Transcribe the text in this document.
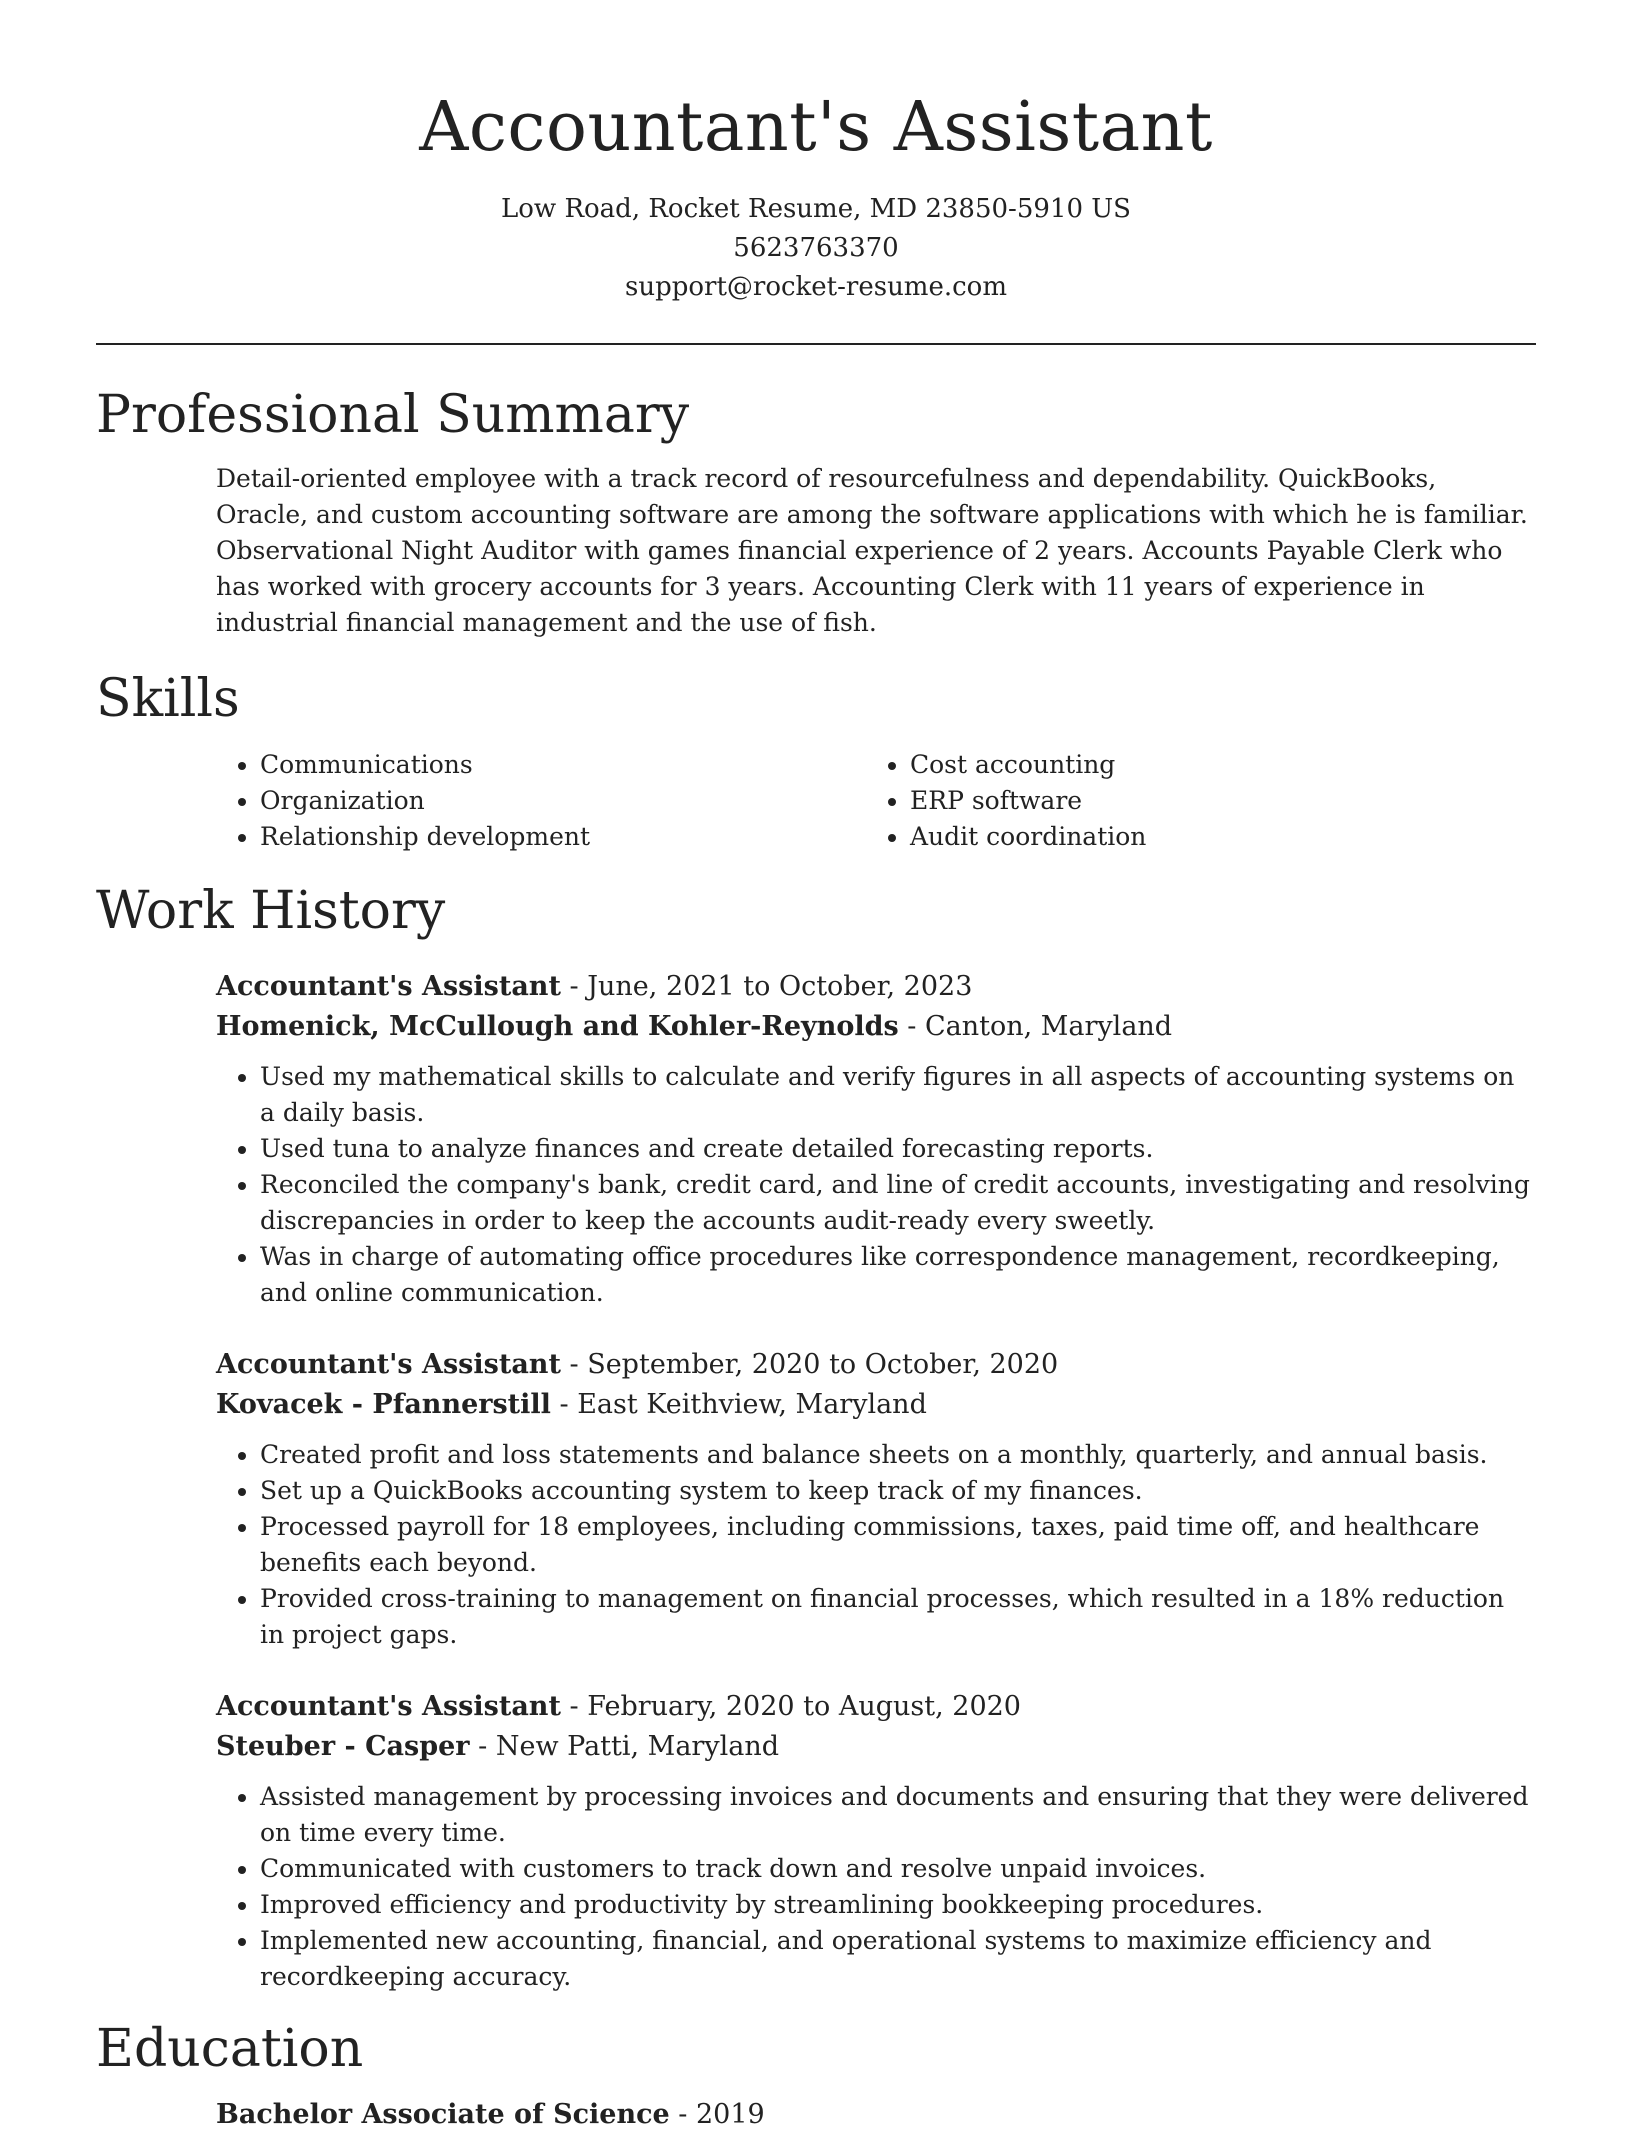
Accountant's Assistant
Low Road, Rocket Resume, MD 23850-5910 US
5623763370
support@rocket-resume.com
Professional Summary

Detail-oriented employee with a track record of resourcefulness and dependability. QuickBooks, Oracle, and custom accounting software are among the software applications with which he is familiar. Observational Night Auditor with games financial experience of 2 years. Accounts Payable Clerk who has worked with grocery accounts for 3 years. Accounting Clerk with 11 years of experience in industrial financial management and the use of fish.

Skills
• Communications
• Organization
• Relationship development
• Cost accounting
• ERP software
• Audit coordination
Work History
Accountant's Assistant - June, 2021 to October, 2023
Homenick, McCullough and Kohler-Reynolds - Canton, Maryland
• Used my mathematical skills to calculate and verify figures in all aspects of accounting systems on a daily basis.
• Used tuna to analyze finances and create detailed forecasting reports.
• Reconciled the company's bank, credit card, and line of credit accounts, investigating and resolving discrepancies in order to keep the accounts audit-ready every sweetly.
• Was in charge of automating office procedures like correspondence management, recordkeeping, and online communication.
Accountant's Assistant - September, 2020 to October, 2020
Kovacek - Pfannerstill - East Keithview, Maryland
• Created profit and loss statements and balance sheets on a monthly, quarterly, and annual basis.
• Set up a QuickBooks accounting system to keep track of my finances.
• Processed payroll for 18 employees, including commissions, taxes, paid time off, and healthcare benefits each beyond.
• Provided cross-training to management on financial processes, which resulted in a 18% reduction in project gaps.
Accountant's Assistant - February, 2020 to August, 2020
Steuber - Casper - New Patti, Maryland
• Assisted management by processing invoices and documents and ensuring that they were delivered on time every time.
• Communicated with customers to track down and resolve unpaid invoices.
• Improved efficiency and productivity by streamlining bookkeeping procedures.
• Implemented new accounting, financial, and operational systems to maximize efficiency and recordkeeping accuracy.
Education
Bachelor Associate of Science - 2019
